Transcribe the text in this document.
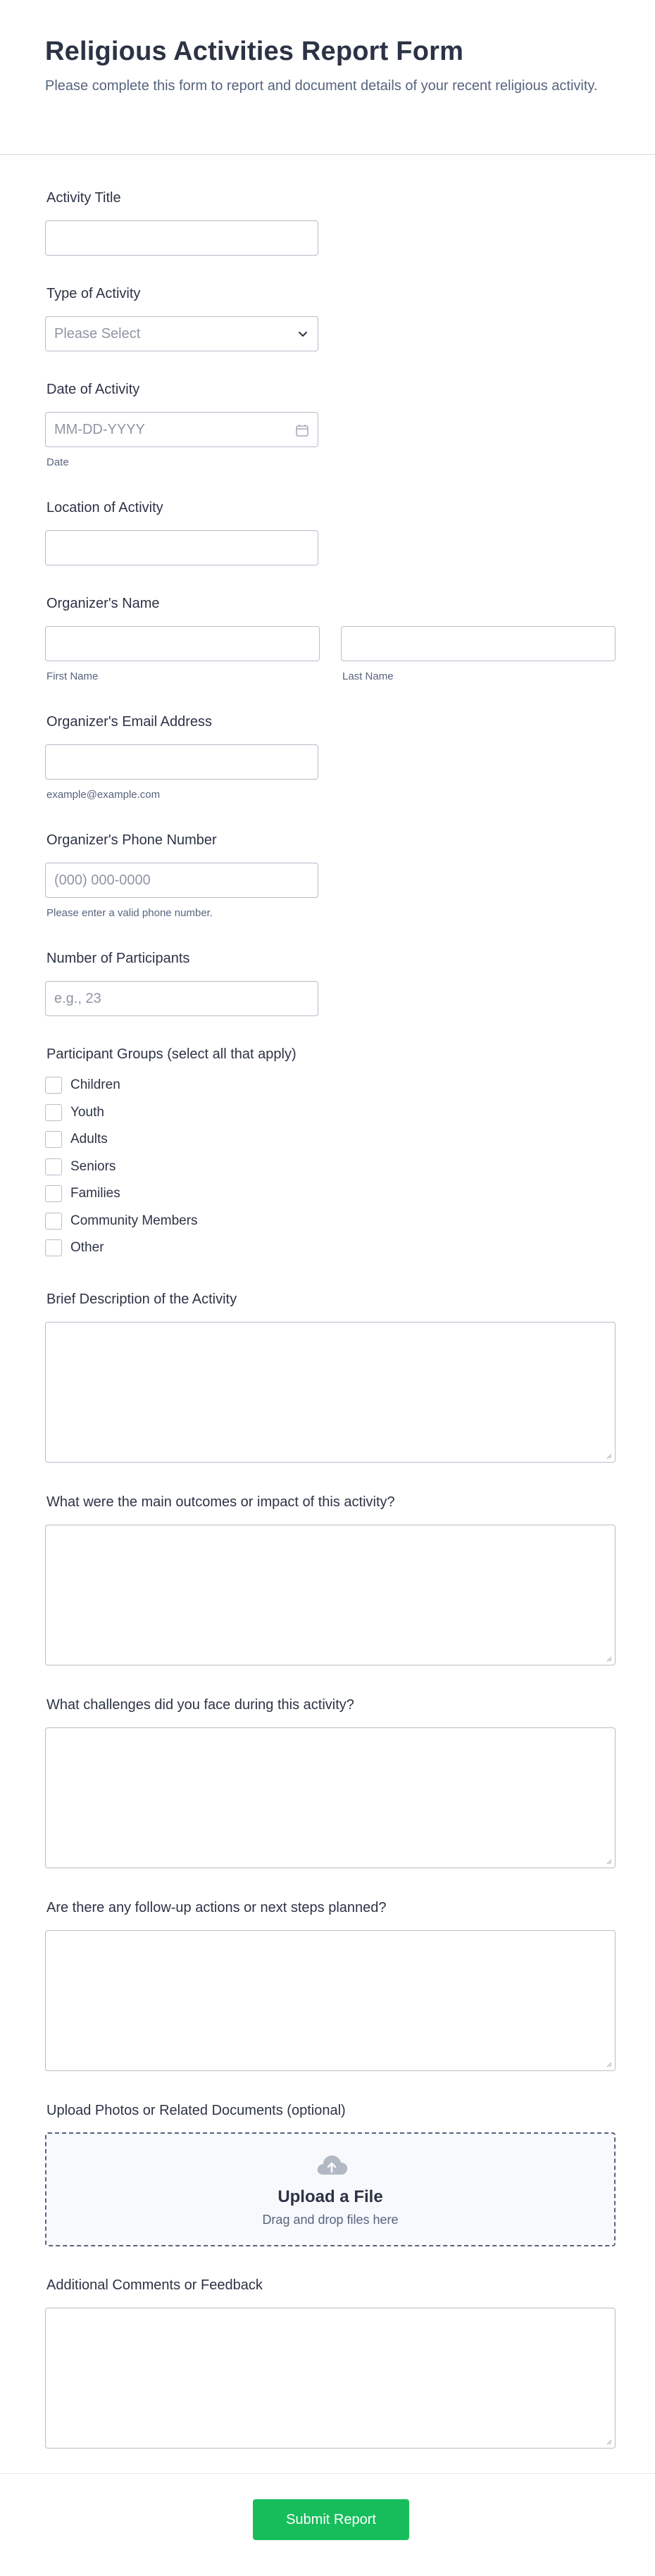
Religious Activities Report Form
Please complete this form to report and document details of your recent religious activity.
Activity Title
Type of Activity
Please Select
Date of Activity
MM-DD-YYYY
Date
Location of Activity
Organizer's Name
First Name	Last Name
Organizer's Email Address
example@example.com
Organizer's Phone Number
(000) 000-0000
Please enter a valid phone number.
Number of Participants
e.g., 23
Participant Groups (select all that apply)
Children
Youth
Adults
Seniors
Families
Community Members
Other
Brief Description of the Activity
What were the main outcomes or impact of this activity?
What challenges did you face during this activity?
Are there any follow-up actions or next steps planned?
Upload Photos or Related Documents (optional)
Upload a File
Drag and drop files here
Additional Comments or Feedback
Submit Report
